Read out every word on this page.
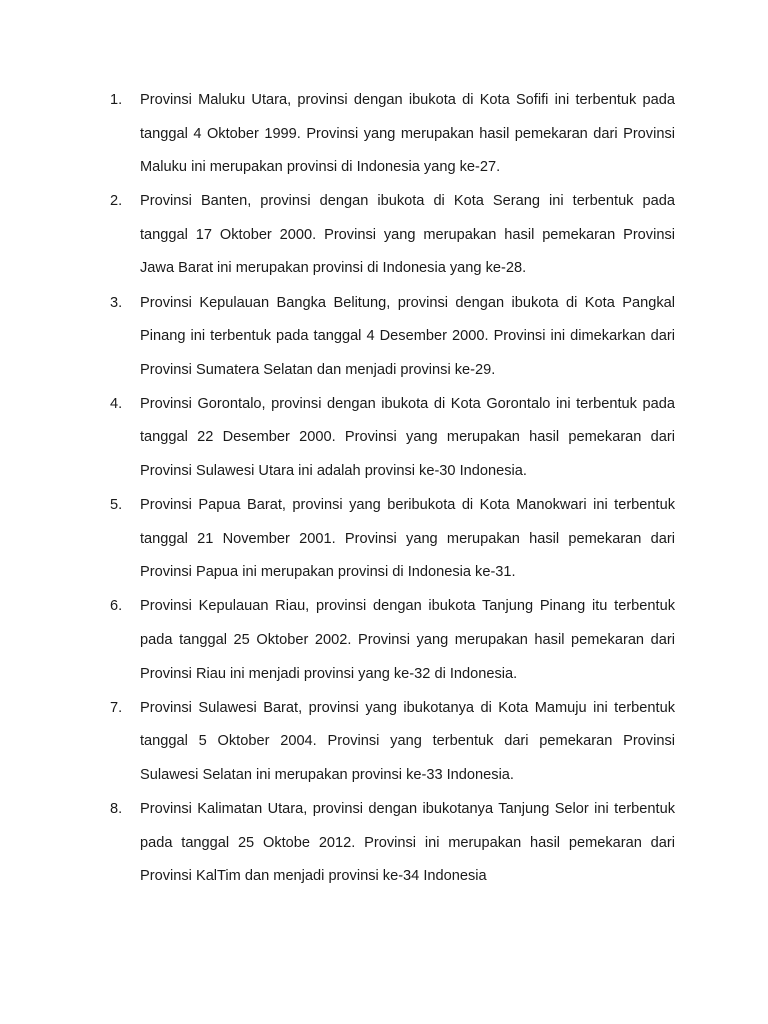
1.	Provinsi Maluku Utara, provinsi dengan ibukota di Kota Sofifi ini terbentuk pada tanggal 4 Oktober 1999. Provinsi yang merupakan hasil pemekaran dari Provinsi Maluku ini merupakan provinsi di Indonesia yang ke-27.
2.	Provinsi Banten, provinsi dengan ibukota di Kota Serang ini terbentuk pada tanggal 17 Oktober 2000. Provinsi yang merupakan hasil pemekaran Provinsi Jawa Barat ini merupakan provinsi di Indonesia yang ke-28.
3.	Provinsi Kepulauan Bangka Belitung, provinsi dengan ibukota di Kota Pangkal Pinang ini terbentuk pada tanggal 4 Desember 2000. Provinsi ini dimekarkan dari Provinsi Sumatera Selatan dan menjadi provinsi ke-29.
4.	Provinsi Gorontalo, provinsi dengan ibukota di Kota Gorontalo ini terbentuk pada tanggal 22 Desember 2000. Provinsi yang merupakan hasil pemekaran dari Provinsi Sulawesi Utara ini adalah provinsi ke-30 Indonesia.
5.	Provinsi Papua Barat, provinsi yang beribukota di Kota Manokwari ini terbentuk tanggal 21 November 2001. Provinsi yang merupakan hasil pemekaran dari Provinsi Papua ini merupakan provinsi di Indonesia ke-31.
6.	Provinsi Kepulauan Riau, provinsi dengan ibukota Tanjung Pinang itu terbentuk pada tanggal 25 Oktober 2002. Provinsi yang merupakan hasil pemekaran dari Provinsi Riau ini menjadi provinsi yang ke-32 di Indonesia.
7.	Provinsi Sulawesi Barat, provinsi yang ibukotanya di Kota Mamuju ini terbentuk tanggal 5 Oktober 2004. Provinsi yang terbentuk dari pemekaran Provinsi Sulawesi Selatan ini merupakan provinsi ke-33 Indonesia.
8.	Provinsi Kalimatan Utara, provinsi dengan ibukotanya Tanjung Selor ini terbentuk pada tanggal 25 Oktobe 2012. Provinsi ini merupakan hasil pemekaran dari Provinsi KalTim dan menjadi provinsi ke-34 Indonesia
